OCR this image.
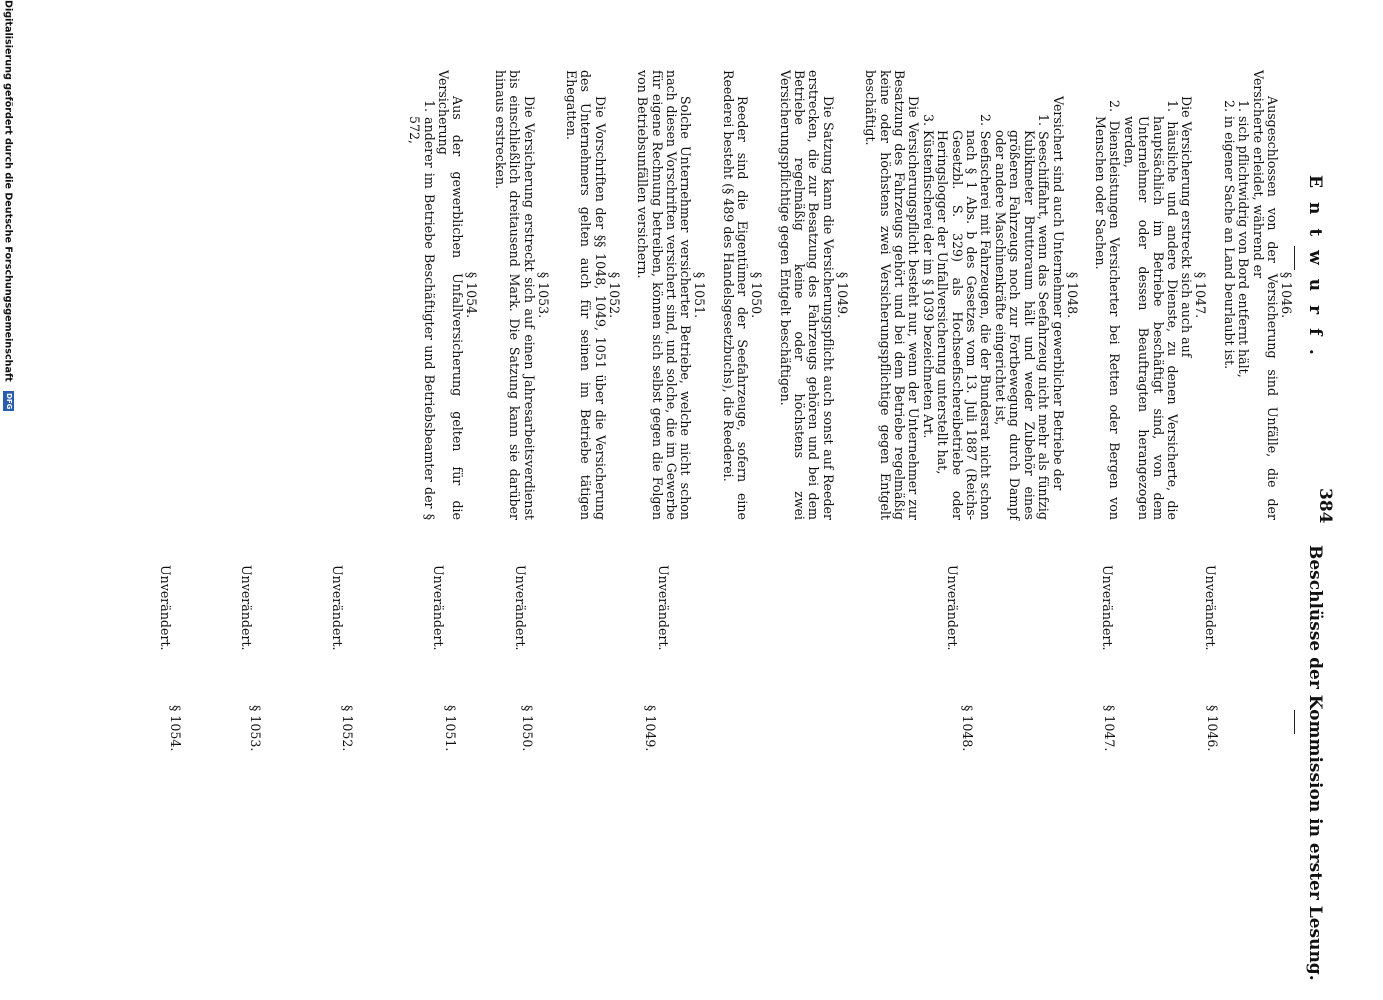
Entwurf.
384
Beschlüsse der Kommission in erster Lesung.
§ 1046.

Ausgeschlossen von der Versicherung sind Unfälle, die der Versicherte erleidet, während er

1. sich pflichtwidrig von Bord entfernt hält,
2. in eigener Sache an Land beurlaubt ist.
§ 1047.

Die Versicherung erstreckt sich auch auf

1. häusliche und andere Dienste, zu denen Versicherte, die hauptsächlich im Betriebe beschäftigt sind, von dem Unternehmer oder dessen Beauftragten herangezogen werden,
2. Dienstleistungen Versicherter bei Retten oder Bergen von Menschen oder Sachen.
§ 1048.

Versichert sind auch Unternehmer gewerblicher Betriebe der

1. Seeschiffahrt, wenn das Seefahrzeug nicht mehr als fünfzig Kubikmeter Bruttoraum hält und weder Zubehör eines größeren Fahrzeugs noch zur Fortbewegung durch Dampf oder andere Maschinenkräfte eingerichtet ist,
2. Seefischerei mit Fahrzeugen, die der Bundesrat nicht schon nach § 1 Abs. b des Gesetzes vom 13. Juli 1887 (Reichs-Gesetzbl. S. 329) als Hochseefischereibetriebe oder Heringslogger der Unfallversicherung unterstellt hat,
3. Küstenfischerei der im § 1039 bezeichneten Art.

Die Versicherungspflicht besteht nur, wenn der Unternehmer zur Besatzung des Fahrzeugs gehört und bei dem Betriebe regelmäßig keine oder höchstens zwei Versicherungspflichtige gegen Entgelt beschäftigt.

§ 1049.

Die Satzung kann die Versicherungspflicht auch sonst auf Reeder erstrecken, die zur Besatzung des Fahrzeugs gehören und bei dem Betriebe regelmäßig keine oder höchstens zwei Versicherungspflichtige gegen Entgelt beschäftigen.

§ 1050.

Reeder sind die Eigentümer der Seefahrzeuge, sofern eine Reederei besteht (§ 489 des Handelsgesetzbuchs), die Reederei.

§ 1051.

Solche Unternehmer versicherter Betriebe, welche nicht schon nach diesen Vorschriften versichert sind, und solche, die im Gewerbe für eigene Rechnung betreiben, können sich selbst gegen die Folgen von Betriebsunfällen versichern.

§ 1052.

Die Vorschriften der §§ 1048, 1049, 1051 über die Versicherung des Unternehmers gelten auch für seinen im Betriebe tätigen Ehegatten.

§ 1053.

Die Versicherung erstreckt sich auf einen Jahresarbeitsverdienst bis einschließlich dreitausend Mark. Die Satzung kann sie darüber hinaus erstrecken.

§ 1054.

Aus der gewerblichen Unfallversicherung gelten für die Versicherung

1. anderer im Betriebe Beschäftigter und Betriebsbeamter der § 572,
Unverändert.
§ 1046.
Unverändert.
§ 1047.
Unverändert.
§ 1048.
Unverändert.
§ 1049.
Unverändert.
§ 1050.
Unverändert.
§ 1051.
Unverändert.
§ 1052.
Unverändert.
§ 1053.
Unverändert.
§ 1054.
Digitalisierung gefördert durch die Deutsche Forschungsgemeinschaft DFG
